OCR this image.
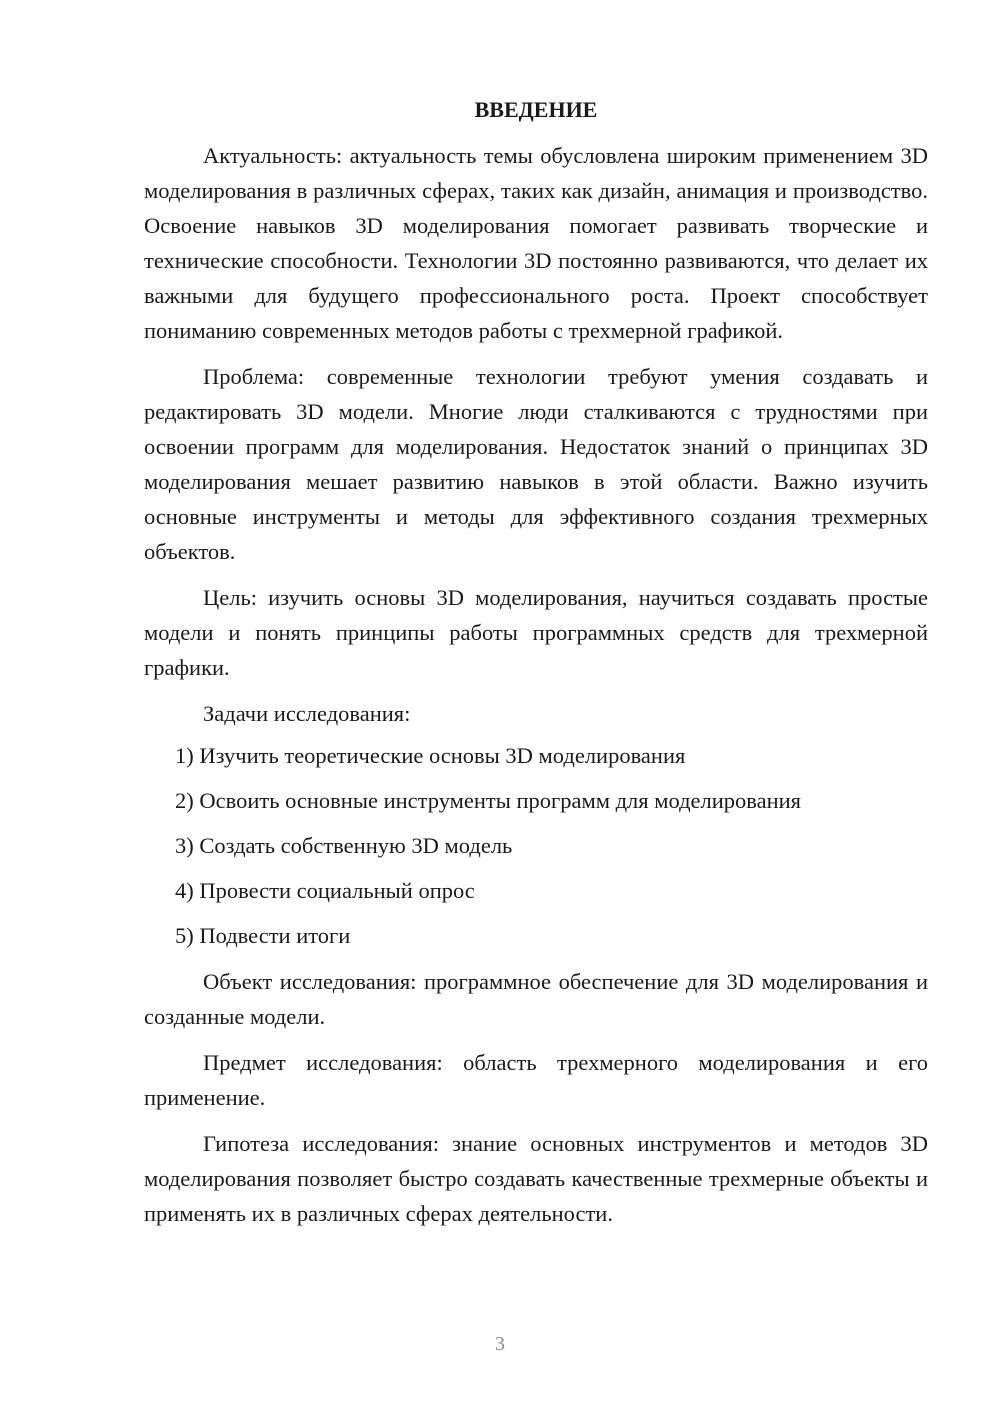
ВВЕДЕНИЕ

Актуальность: актуальность темы обусловлена широким применением 3D моделирования в различных сферах, таких как дизайн, анимация и производство. Освоение навыков 3D моделирования помогает развивать творческие и технические способности. Технологии 3D постоянно развиваются, что делает их важными для будущего профессионального роста. Проект способствует пониманию современных методов работы с трехмерной графикой.

Проблема: современные технологии требуют умения создавать и редактировать 3D модели. Многие люди сталкиваются с трудностями при освоении программ для моделирования. Недостаток знаний о принципах 3D моделирования мешает развитию навыков в этой области. Важно изучить основные инструменты и методы для эффективного создания трехмерных объектов.

Цель: изучить основы 3D моделирования, научиться создавать простые модели и понять принципы работы программных средств для трехмерной графики.

Задачи исследования:

1) Изучить теоретические основы 3D моделирования
2) Освоить основные инструменты программ для моделирования
3) Создать собственную 3D модель
4) Провести социальный опрос
5) Подвести итоги

Объект исследования: программное обеспечение для 3D моделирования и созданные модели.

Предмет исследования: область трехмерного моделирования и его применение.

Гипотеза исследования: знание основных инструментов и методов 3D моделирования позволяет быстро создавать качественные трехмерные объекты и применять их в различных сферах деятельности.

3
